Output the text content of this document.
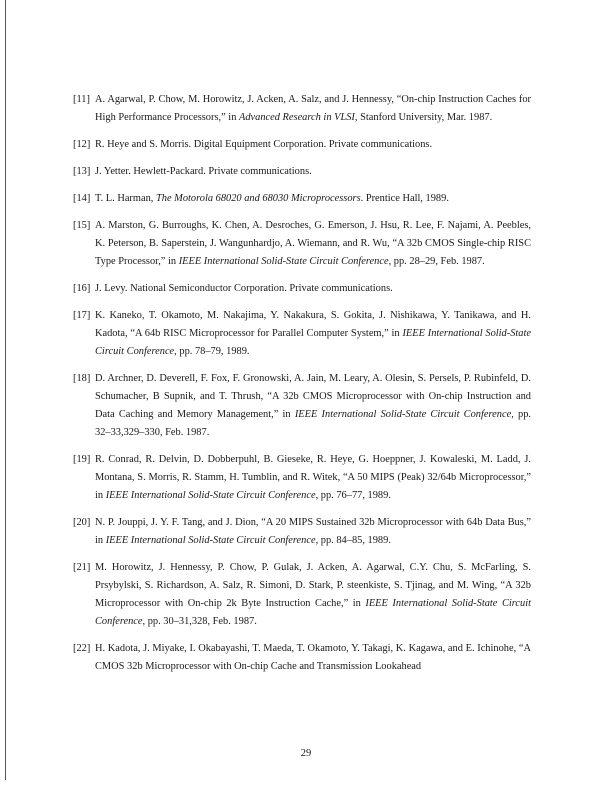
[11] A. Agarwal, P. Chow, M. Horowitz, J. Acken, A. Salz, and J. Hennessy, “On-chip Instruction Caches for High Performance Processors,” in Advanced Research in VLSI, Stanford University, Mar. 1987.
[12] R. Heye and S. Morris. Digital Equipment Corporation. Private communications.
[13] J. Yetter. Hewlett-Packard. Private communications.
[14] T. L. Harman, The Motorola 68020 and 68030 Microprocessors. Prentice Hall, 1989.
[15] A. Marston, G. Burroughs, K. Chen, A. Desroches, G. Emerson, J. Hsu, R. Lee, F. Najami, A. Peebles, K. Peterson, B. Saperstein, J. Wangunhardjo, A. Wiemann, and R. Wu, “A 32b CMOS Single-chip RISC Type Processor,” in IEEE International Solid-State Circuit Conference, pp. 28–29, Feb. 1987.
[16] J. Levy. National Semiconductor Corporation. Private communications.
[17] K. Kaneko, T. Okamoto, M. Nakajima, Y. Nakakura, S. Gokita, J. Nishikawa, Y. Tanikawa, and H. Kadota, “A 64b RISC Microprocessor for Parallel Computer System,” in IEEE International Solid-State Circuit Conference, pp. 78–79, 1989.
[18] D. Archner, D. Deverell, F. Fox, F. Gronowski, A. Jain, M. Leary, A. Olesin, S. Persels, P. Rubinfeld, D. Schumacher, B Supnik, and T. Thrush, “A 32b CMOS Microprocessor with On-chip Instruction and Data Caching and Memory Management,” in IEEE International Solid-State Circuit Conference, pp. 32–33,329–330, Feb. 1987.
[19] R. Conrad, R. Delvin, D. Dobberpuhl, B. Gieseke, R. Heye, G. Hoeppner, J. Kowaleski, M. Ladd, J. Montana, S. Morris, R. Stamm, H. Tumblin, and R. Witek, “A 50 MIPS (Peak) 32/64b Microprocessor,” in IEEE International Solid-State Circuit Conference, pp. 76–77, 1989.
[20] N. P. Jouppi, J. Y. F. Tang, and J. Dion, “A 20 MIPS Sustained 32b Microprocessor with 64b Data Bus,” in IEEE International Solid-State Circuit Conference, pp. 84–85, 1989.
[21] M. Horowitz, J. Hennessy, P. Chow, P. Gulak, J. Acken, A. Agarwal, C.Y. Chu, S. McFarling, S. Prsybylski, S. Richardson, A. Salz, R. Simoni, D. Stark, P. steenkiste, S. Tjinag, and M. Wing, “A 32b Microprocessor with On-chip 2k Byte Instruction Cache,” in IEEE International Solid-State Circuit Conference, pp. 30–31,328, Feb. 1987.
[22] H. Kadota, J. Miyake, I. Okabayashi, T. Maeda, T. Okamoto, Y. Takagi, K. Kagawa, and E. Ichinohe, “A CMOS 32b Microprocessor with On-chip Cache and Transmission Lookahead
29
